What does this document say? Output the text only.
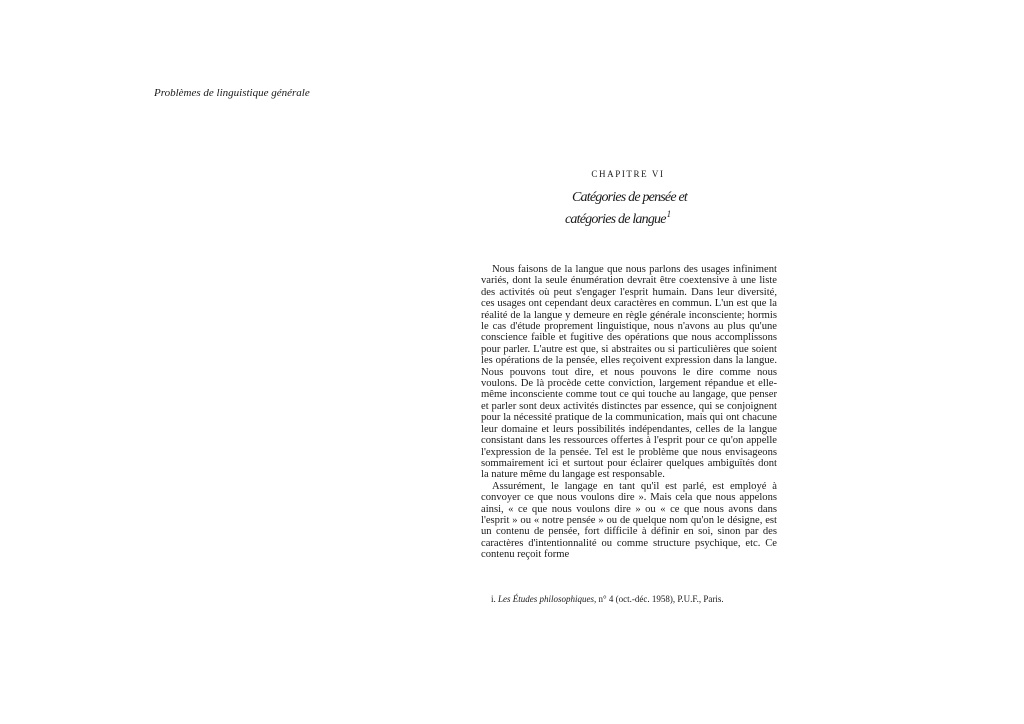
Problèmes de linguistique générale
CHAPITRE VI
Catégories de pensée et
catégories de langue$^1$

Nous faisons de la langue que nous parlons des usages infiniment variés, dont la seule énumération devrait être coextensive à une liste des activités où peut s'engager l'esprit humain. Dans leur diversité, ces usages ont cependant deux caractères en commun. L'un est que la réalité de la langue y demeure en règle générale inconsciente; hormis le cas d'étude proprement linguistique, nous n'avons au plus qu'une conscience faible et fugitive des opérations que nous accomplissons pour parler. L'autre est que, si abstraites ou si particulières que soient les opérations de la pensée, elles reçoivent expression dans la langue. Nous pouvons tout dire, et nous pouvons le dire comme nous voulons. De là procède cette conviction, largement répandue et elle-même inconsciente comme tout ce qui touche au langage, que penser et parler sont deux activités distinctes par essence, qui se conjoignent pour la nécessité pratique de la communication, mais qui ont chacune leur domaine et leurs possibilités indépendantes, celles de la langue consistant dans les ressources offertes à l'esprit pour ce qu'on appelle l'expression de la pensée. Tel est le problème que nous envisageons sommairement ici et surtout pour éclairer quelques ambiguïtés dont la nature même du langage est responsable.

Assurément, le langage en tant qu'il est parlé, est employé à convoyer ce que nous voulons dire ». Mais cela que nous appelons ainsi, « ce que nous voulons dire » ou « ce que nous avons dans l'esprit » ou « notre pensée » ou de quelque nom qu'on le désigne, est un contenu de pensée, fort difficile à définir en soi, sinon par des caractères d'intentionnalité ou comme structure psychique, etc. Ce contenu reçoit forme

i. Les Études philosophiques, n° 4 (oct.-déc. 1958), P.U.F., Paris.
